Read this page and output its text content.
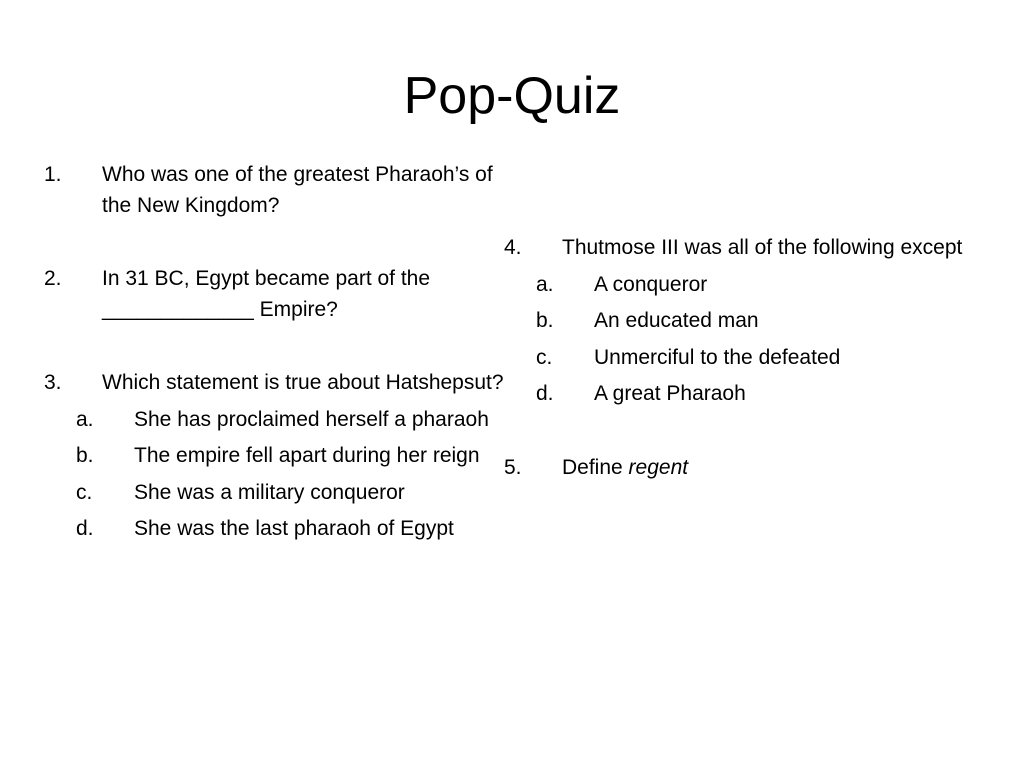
Pop-Quiz
1. Who was one of the greatest Pharaoh’s of the New Kingdom?
2. In 31 BC, Egypt became part of the _____________ Empire?
3. Which statement is true about Hatshepsut?
a. She has proclaimed herself a pharaoh
b. The empire fell apart during her reign
c. She was a military conqueror
d. She was the last pharaoh of Egypt
4. Thutmose III was all of the following except
a. A conqueror
b. An educated man
c. Unmerciful to the defeated
d. A great Pharaoh
5. Define regent
